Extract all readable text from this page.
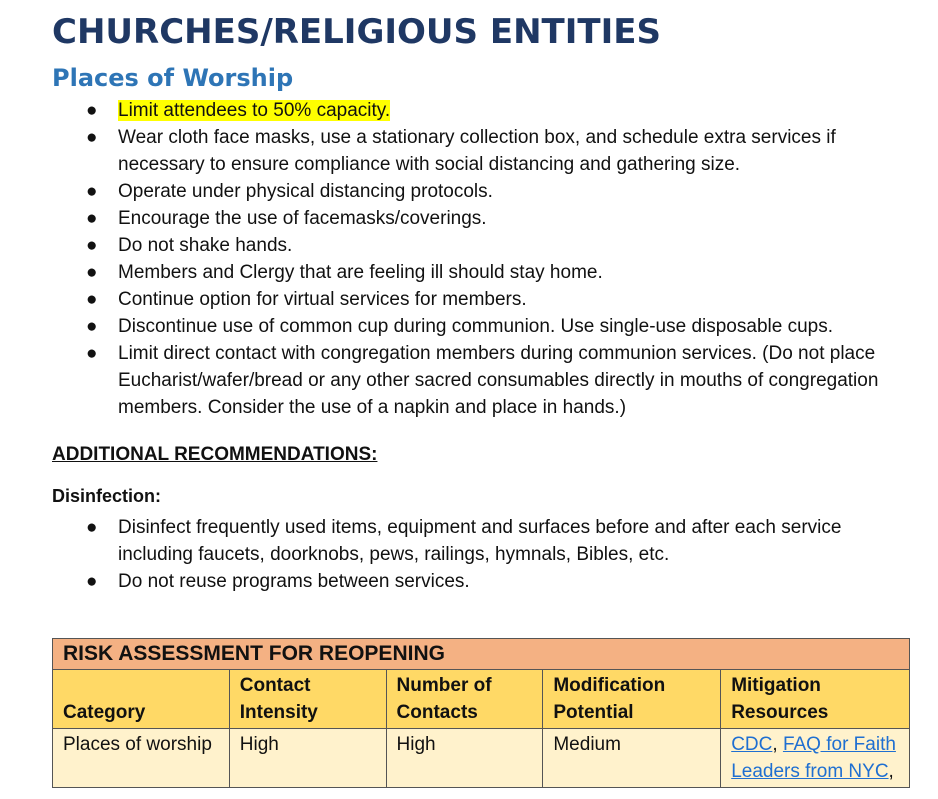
CHURCHES/RELIGIOUS ENTITIES
Places of Worship
● Limit attendees to 50% capacity.
● Wear cloth face masks, use a stationary collection box, and schedule extra services if necessary to ensure compliance with social distancing and gathering size.
● Operate under physical distancing protocols.
● Encourage the use of facemasks/coverings.
● Do not shake hands.
● Members and Clergy that are feeling ill should stay home.
● Continue option for virtual services for members.
● Discontinue use of common cup during communion. Use single-use disposable cups.
● Limit direct contact with congregation members during communion services. (Do not place Eucharist/wafer/bread or any other sacred consumables directly in mouths of congregation members. Consider the use of a napkin and place in hands.)
ADDITIONAL RECOMMENDATIONS:
Disinfection:
● Disinfect frequently used items, equipment and surfaces before and after each service including faucets, doorknobs, pews, railings, hymnals, Bibles, etc.
● Do not reuse programs between services.
RISK ASSESSMENT FOR REOPENING				
Category	Contact Intensity	Number of Contacts	Modification Potential	Mitigation Resources
Places of worship	High	High	Medium	CDC, FAQ for Faith Leaders from NYC,
